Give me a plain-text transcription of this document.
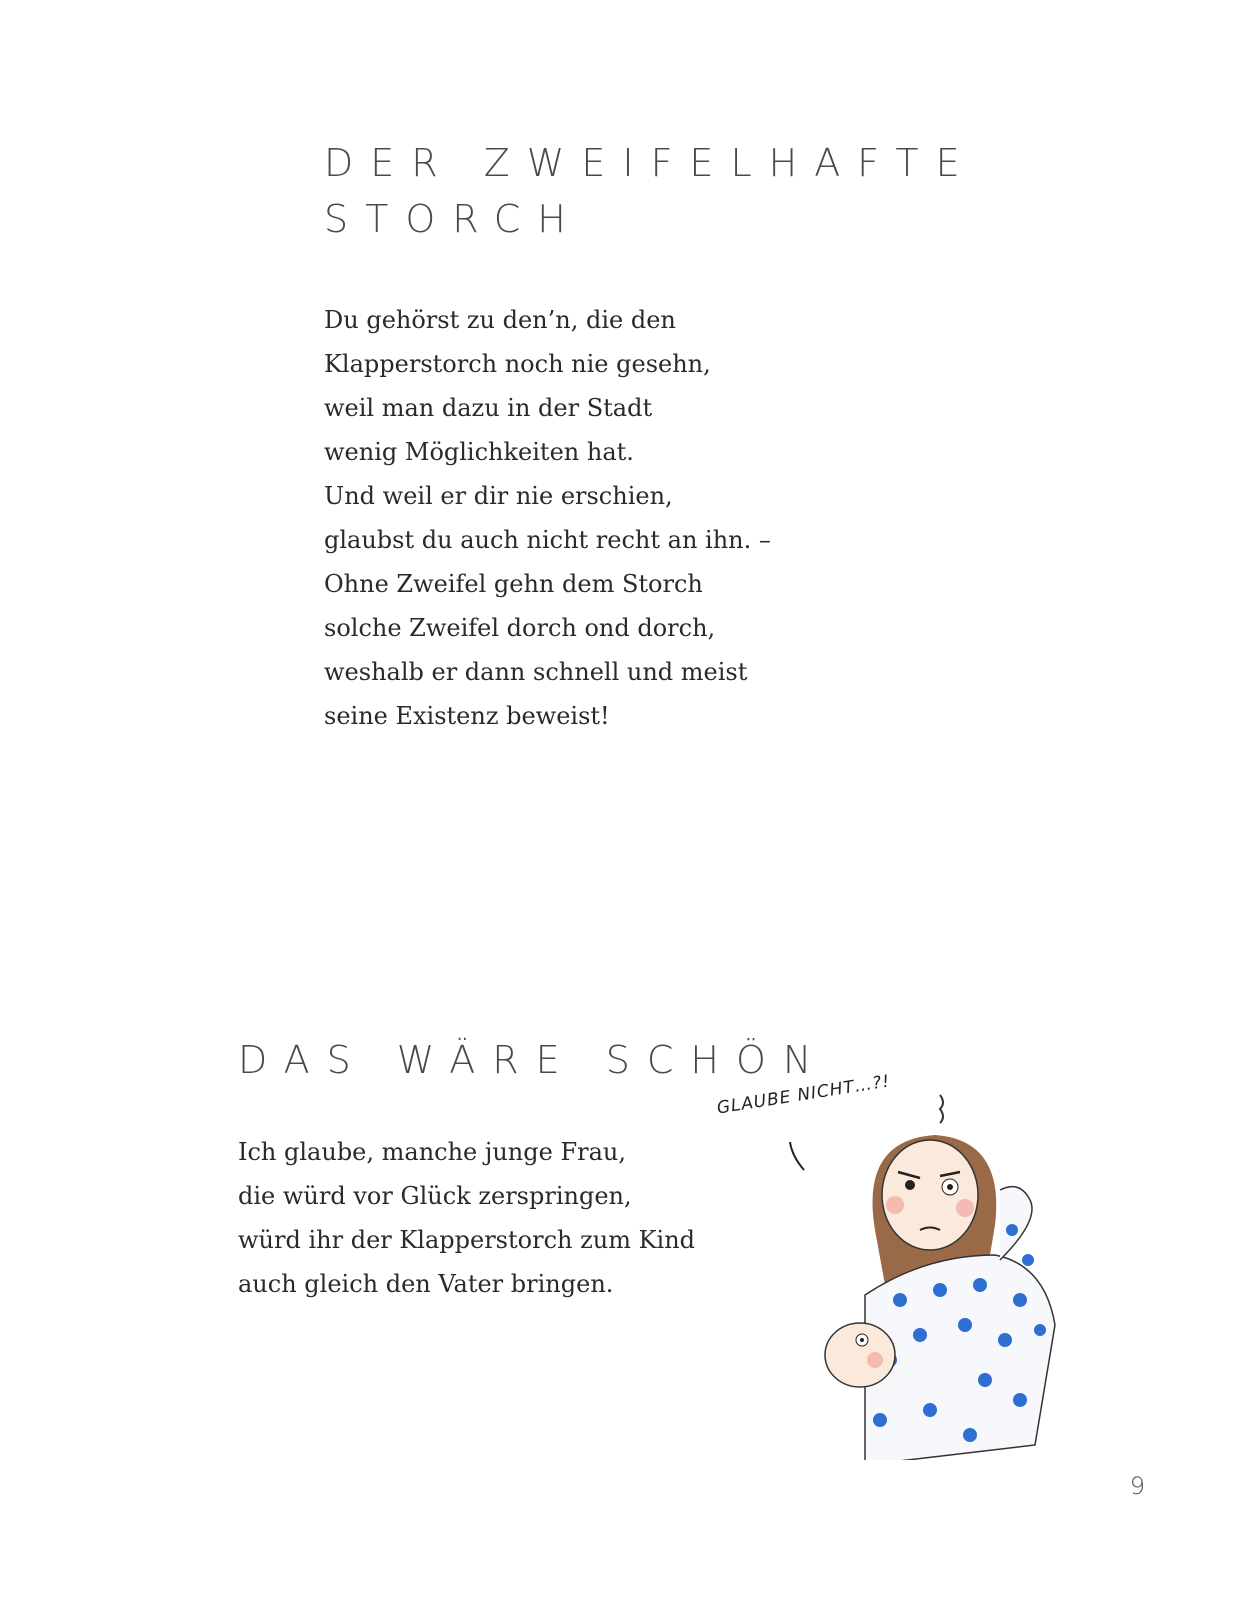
DER ZWEIFELHAFTE
STORCH
Du gehörst zu den’n, die den
Klapperstorch noch nie gesehn,
weil man dazu in der Stadt
wenig Möglichkeiten hat.
Und weil er dir nie erschien,
glaubst du auch nicht recht an ihn. –
Ohne Zweifel gehn dem Storch
solche Zweifel dorch ond dorch,
weshalb er dann schnell und meist
seine Existenz beweist!
DAS WÄRE SCHÖN
Ich glaube, manche junge Frau,
die würd vor Glück zerspringen,
würd ihr der Klapperstorch zum Kind
auch gleich den Vater bringen.
GLAUBE NICHT…?!
9
